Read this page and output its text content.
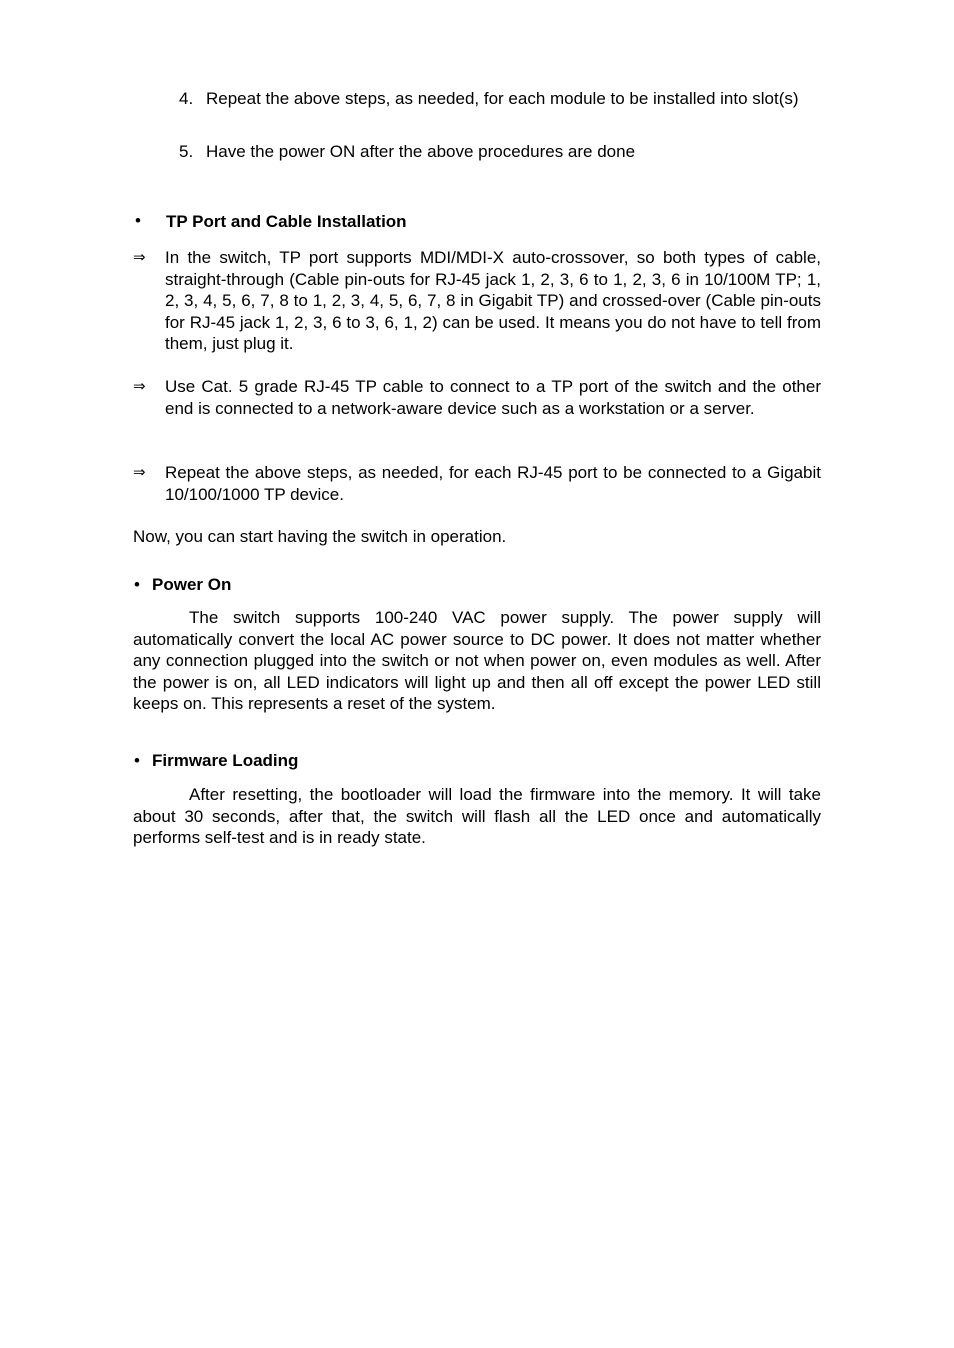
4. Repeat the above steps, as needed, for each module to be installed into slot(s)
5. Have the power ON after the above procedures are done
• TP Port and Cable Installation
⇒ In the switch, TP port supports MDI/MDI-X auto-crossover, so both types of cable, straight-through (Cable pin-outs for RJ-45 jack 1, 2, 3, 6 to 1, 2, 3, 6 in 10/100M TP; 1, 2, 3, 4, 5, 6, 7, 8 to 1, 2, 3, 4, 5, 6, 7, 8 in Gigabit TP) and crossed-over (Cable pin-outs for RJ-45 jack 1, 2, 3, 6 to 3, 6, 1, 2) can be used. It means you do not have to tell from them, just plug it.
⇒ Use Cat. 5 grade RJ-45 TP cable to connect to a TP port of the switch and the other end is connected to a network-aware device such as a workstation or a server.
⇒ Repeat the above steps, as needed, for each RJ-45 port to be connected to a Gigabit 10/100/1000 TP device.
Now, you can start having the switch in operation.
• Power On
The switch supports 100-240 VAC power supply. The power supply will automatically convert the local AC power source to DC power. It does not matter whether any connection plugged into the switch or not when power on, even modules as well. After the power is on, all LED indicators will light up and then all off except the power LED still keeps on. This represents a reset of the system.
• Firmware Loading
After resetting, the bootloader will load the firmware into the memory. It will take about 30 seconds, after that, the switch will flash all the LED once and automatically performs self-test and is in ready state.
